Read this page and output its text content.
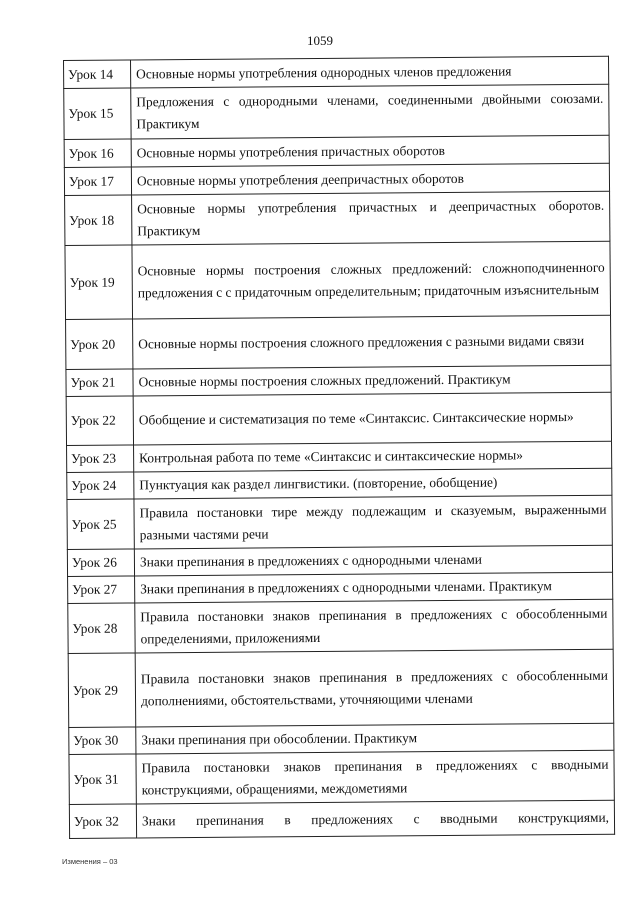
1059
Урок 14	Основные нормы употребления однородных членов предложения
Урок 15	Предложения с однородными членами, соединенными двойными союзами. Практикум
Урок 16	Основные нормы употребления причастных оборотов
Урок 17	Основные нормы употребления деепричастных оборотов
Урок 18	Основные нормы употребления причастных и деепричастных оборотов. Практикум
Урок 19	Основные нормы построения сложных предложений: сложноподчиненного предложения с с придаточным определительным; придаточным изъяснительным
Урок 20	Основные нормы построения сложного предложения с разными видами связи
Урок 21	Основные нормы построения сложных предложений. Практикум
Урок 22	Обобщение и систематизация по теме «Синтаксис. Синтаксические нормы»
Урок 23	Контрольная работа по теме «Синтаксис и синтаксические нормы»
Урок 24	Пунктуация как раздел лингвистики. (повторение, обобщение)
Урок 25	Правила постановки тире между подлежащим и сказуемым, выраженными разными частями речи
Урок 26	Знаки препинания в предложениях с однородными членами
Урок 27	Знаки препинания в предложениях с однородными членами. Практикум
Урок 28	Правила постановки знаков препинания в предложениях с обособленными определениями, приложениями
Урок 29	Правила постановки знаков препинания в предложениях с обособленными дополнениями, обстоятельствами, уточняющими членами
Урок 30	Знаки препинания при обособлении. Практикум
Урок 31	Правила постановки знаков препинания в предложениях с вводными конструкциями, обращениями, междометиями
Урок 32	Знаки препинания в предложениях с вводными конструкциями,
Изменения – 03
